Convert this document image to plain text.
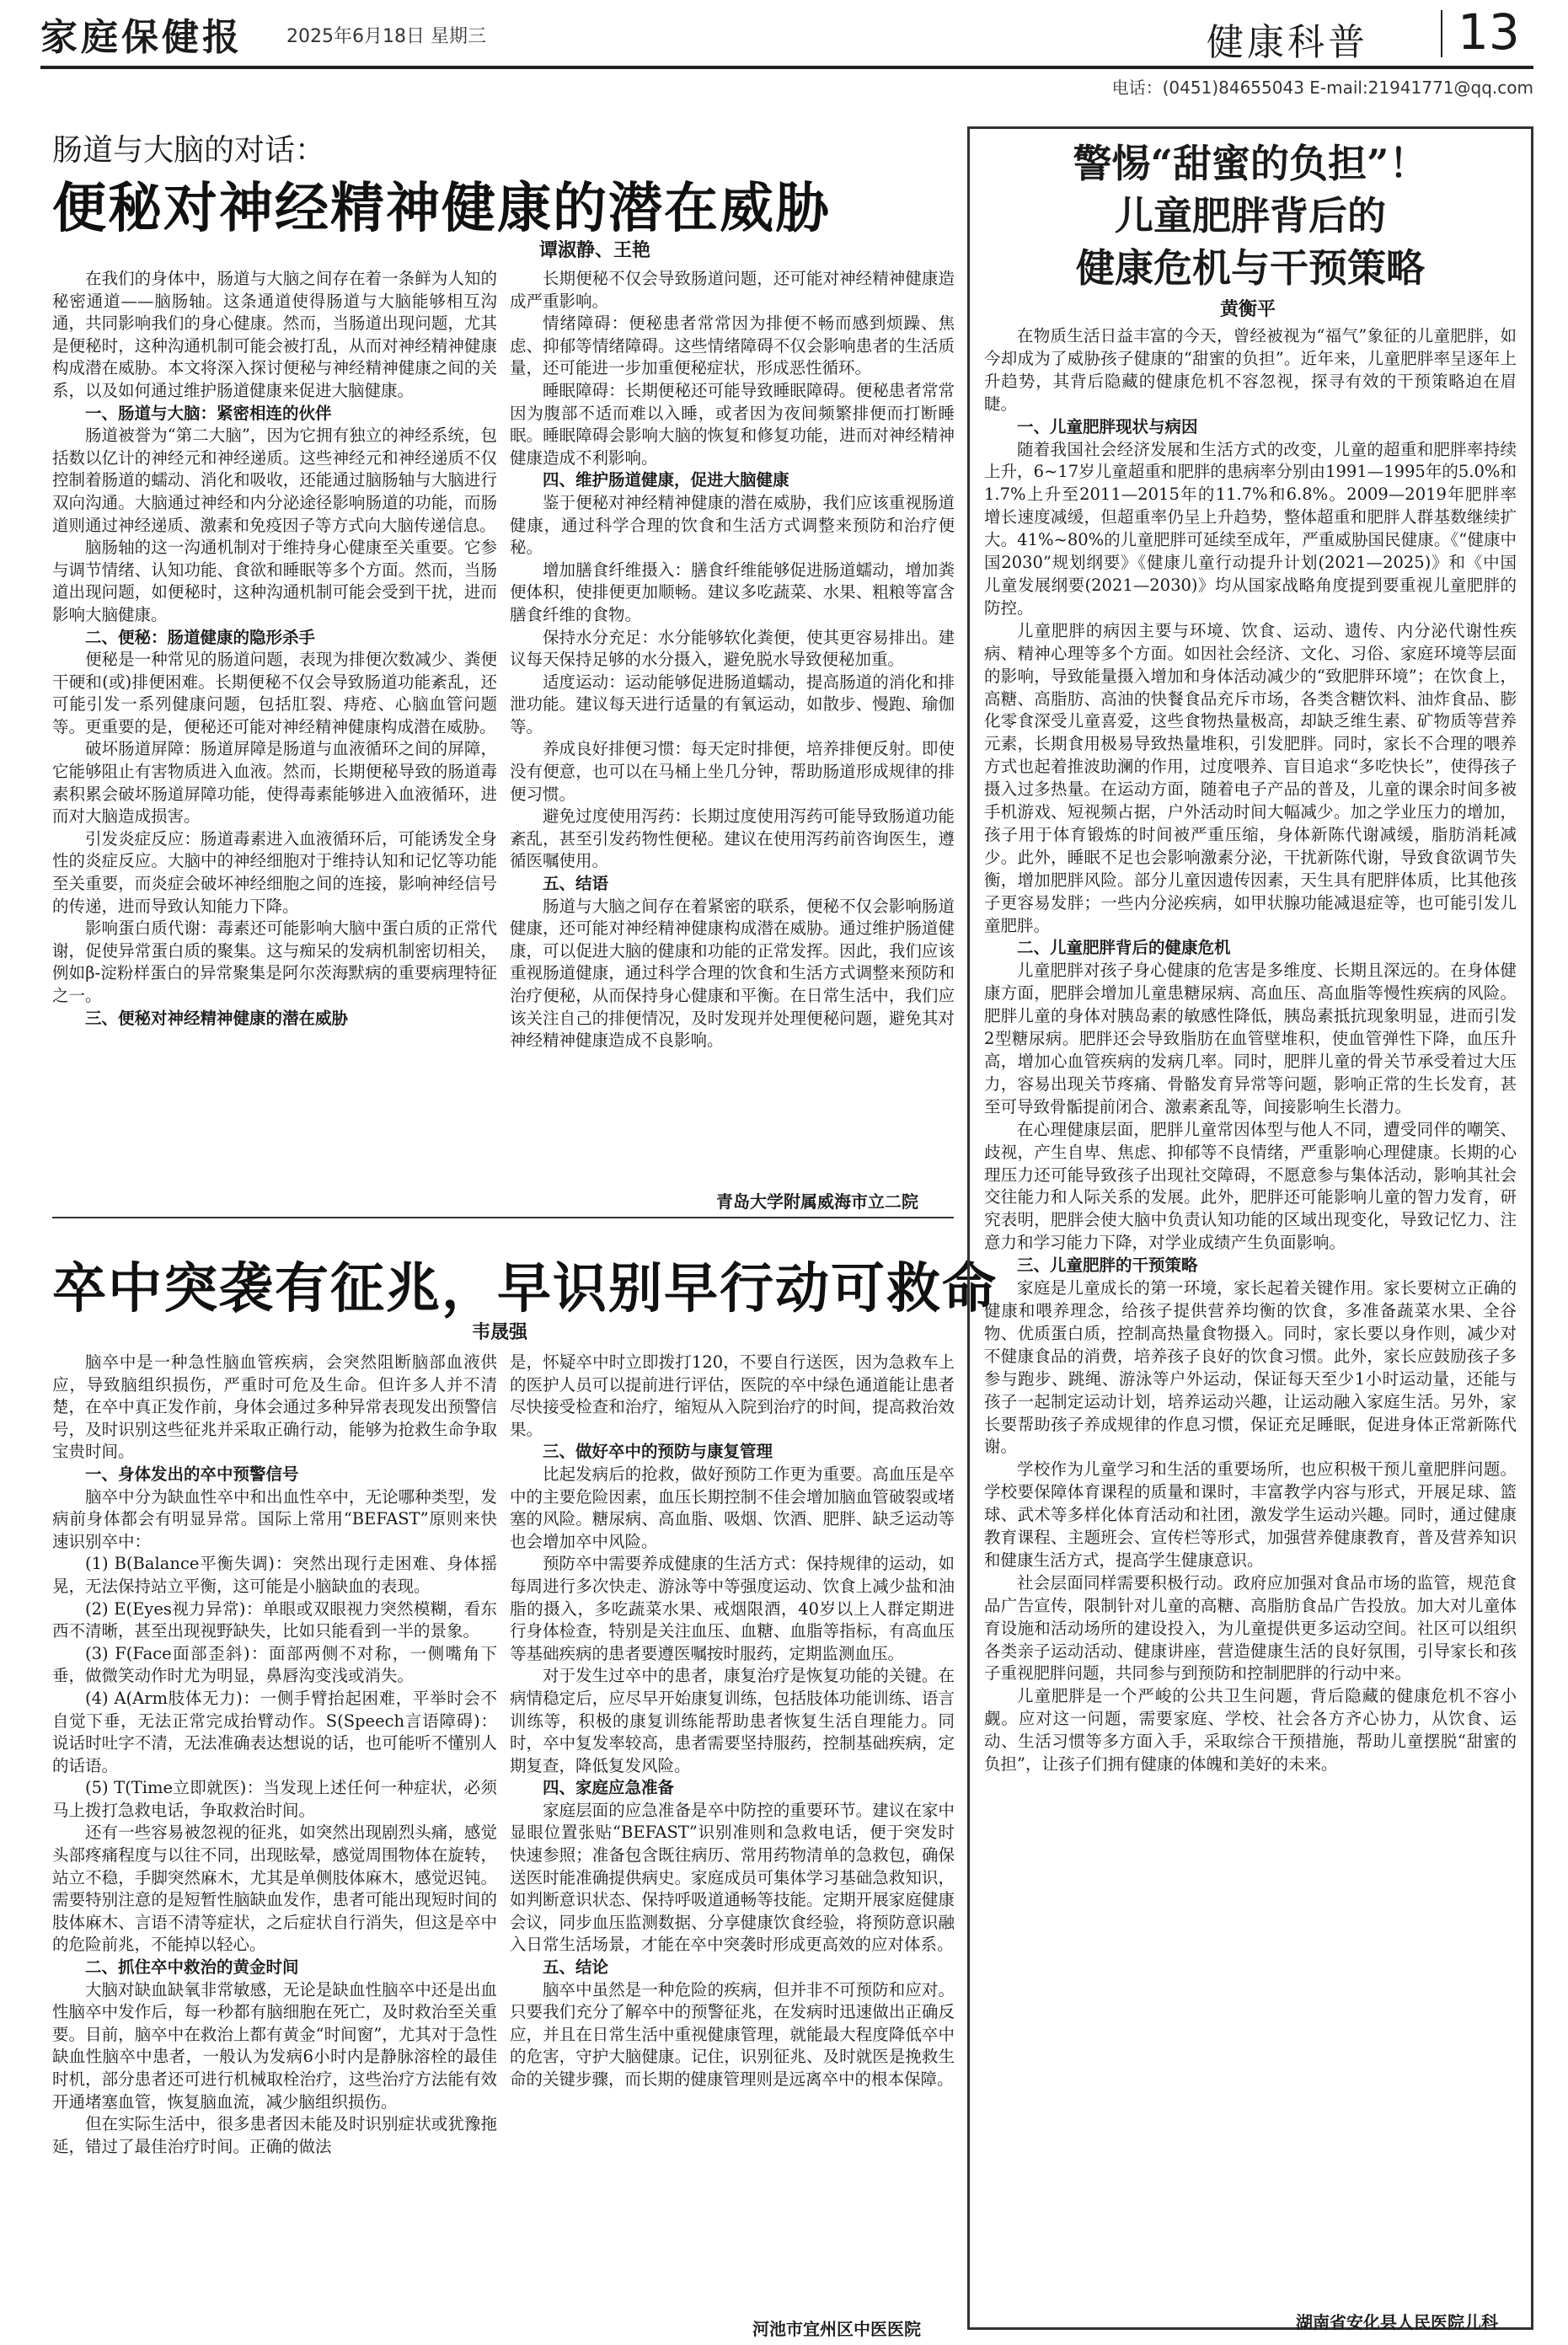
家庭保健报 2025年6月18日 星期三	健康科普 13
电话：(0451)84655043 E-mail:21941771@qq.com
肠道与大脑的对话：
便秘对神经精神健康的潜在威胁
谭淑静、王艳

在我们的身体中，肠道与大脑之间存在着一条鲜为人知的秘密通道——脑肠轴。这条通道使得肠道与大脑能够相互沟通，共同影响我们的身心健康。然而，当肠道出现问题，尤其是便秘时，这种沟通机制可能会被打乱，从而对神经精神健康构成潜在威胁。本文将深入探讨便秘与神经精神健康之间的关系，以及如何通过维护肠道健康来促进大脑健康。

一、肠道与大脑：紧密相连的伙伴

肠道被誉为“第二大脑”，因为它拥有独立的神经系统，包括数以亿计的神经元和神经递质。这些神经元和神经递质不仅控制着肠道的蠕动、消化和吸收，还能通过脑肠轴与大脑进行双向沟通。大脑通过神经和内分泌途径影响肠道的功能，而肠道则通过神经递质、激素和免疫因子等方式向大脑传递信息。

脑肠轴的这一沟通机制对于维持身心健康至关重要。它参与调节情绪、认知功能、食欲和睡眠等多个方面。然而，当肠道出现问题，如便秘时，这种沟通机制可能会受到干扰，进而影响大脑健康。

二、便秘：肠道健康的隐形杀手

便秘是一种常见的肠道问题，表现为排便次数减少、粪便干硬和(或)排便困难。长期便秘不仅会导致肠道功能紊乱，还可能引发一系列健康问题，包括肛裂、痔疮、心脑血管问题等。更重要的是，便秘还可能对神经精神健康构成潜在威胁。

破坏肠道屏障：肠道屏障是肠道与血液循环之间的屏障，它能够阻止有害物质进入血液。然而，长期便秘导致的肠道毒素积累会破坏肠道屏障功能，使得毒素能够进入血液循环，进而对大脑造成损害。

引发炎症反应：肠道毒素进入血液循环后，可能诱发全身性的炎症反应。大脑中的神经细胞对于维持认知和记忆等功能至关重要，而炎症会破坏神经细胞之间的连接，影响神经信号的传递，进而导致认知能力下降。

影响蛋白质代谢：毒素还可能影响大脑中蛋白质的正常代谢，促使异常蛋白质的聚集。这与痴呆的发病机制密切相关，例如β-淀粉样蛋白的异常聚集是阿尔茨海默病的重要病理特征之一。

三、便秘对神经精神健康的潜在威胁

长期便秘不仅会导致肠道问题，还可能对神经精神健康造成严重影响。

情绪障碍：便秘患者常常因为排便不畅而感到烦躁、焦虑、抑郁等情绪障碍。这些情绪障碍不仅会影响患者的生活质量，还可能进一步加重便秘症状，形成恶性循环。

睡眠障碍：长期便秘还可能导致睡眠障碍。便秘患者常常因为腹部不适而难以入睡，或者因为夜间频繁排便而打断睡眠。睡眠障碍会影响大脑的恢复和修复功能，进而对神经精神健康造成不利影响。

四、维护肠道健康，促进大脑健康

鉴于便秘对神经精神健康的潜在威胁，我们应该重视肠道健康，通过科学合理的饮食和生活方式调整来预防和治疗便秘。

增加膳食纤维摄入：膳食纤维能够促进肠道蠕动，增加粪便体积，使排便更加顺畅。建议多吃蔬菜、水果、粗粮等富含膳食纤维的食物。

保持水分充足：水分能够软化粪便，使其更容易排出。建议每天保持足够的水分摄入，避免脱水导致便秘加重。

适度运动：运动能够促进肠道蠕动，提高肠道的消化和排泄功能。建议每天进行适量的有氧运动，如散步、慢跑、瑜伽等。

养成良好排便习惯：每天定时排便，培养排便反射。即使没有便意，也可以在马桶上坐几分钟，帮助肠道形成规律的排便习惯。

避免过度使用泻药：长期过度使用泻药可能导致肠道功能紊乱，甚至引发药物性便秘。建议在使用泻药前咨询医生，遵循医嘱使用。

五、结语

肠道与大脑之间存在着紧密的联系，便秘不仅会影响肠道健康，还可能对神经精神健康构成潜在威胁。通过维护肠道健康，可以促进大脑的健康和功能的正常发挥。因此，我们应该重视肠道健康，通过科学合理的饮食和生活方式调整来预防和治疗便秘，从而保持身心健康和平衡。在日常生活中，我们应该关注自己的排便情况，及时发现并处理便秘问题，避免其对神经精神健康造成不良影响。

青岛大学附属威海市立二院
卒中突袭有征兆，早识别早行动可救命
韦晟强

脑卒中是一种急性脑血管疾病，会突然阻断脑部血液供应，导致脑组织损伤，严重时可危及生命。但许多人并不清楚，在卒中真正发作前，身体会通过多种异常表现发出预警信号，及时识别这些征兆并采取正确行动，能够为抢救生命争取宝贵时间。

一、身体发出的卒中预警信号

脑卒中分为缺血性卒中和出血性卒中，无论哪种类型，发病前身体都会有明显异常。国际上常用“BEFAST”原则来快速识别卒中：

(1) B(Balance平衡失调)：突然出现行走困难、身体摇晃，无法保持站立平衡，这可能是小脑缺血的表现。

(2) E(Eyes视力异常)：单眼或双眼视力突然模糊，看东西不清晰，甚至出现视野缺失，比如只能看到一半的景象。

(3) F(Face面部歪斜)：面部两侧不对称，一侧嘴角下垂，做微笑动作时尤为明显，鼻唇沟变浅或消失。

(4) A(Arm肢体无力)：一侧手臂抬起困难，平举时会不自觉下垂，无法正常完成抬臂动作。S(Speech言语障碍)：说话时吐字不清，无法准确表达想说的话，也可能听不懂别人的话语。

(5) T(Time立即就医)：当发现上述任何一种症状，必须马上拨打急救电话，争取救治时间。

还有一些容易被忽视的征兆，如突然出现剧烈头痛，感觉头部疼痛程度与以往不同，出现眩晕，感觉周围物体在旋转，站立不稳，手脚突然麻木，尤其是单侧肢体麻木，感觉迟钝。需要特别注意的是短暂性脑缺血发作，患者可能出现短时间的肢体麻木、言语不清等症状，之后症状自行消失，但这是卒中的危险前兆，不能掉以轻心。

二、抓住卒中救治的黄金时间

大脑对缺血缺氧非常敏感，无论是缺血性脑卒中还是出血性脑卒中发作后，每一秒都有脑细胞在死亡，及时救治至关重要。目前，脑卒中在救治上都有黄金“时间窗”，尤其对于急性缺血性脑卒中患者，一般认为发病6小时内是静脉溶栓的最佳时机，部分患者还可进行机械取栓治疗，这些治疗方法能有效开通堵塞血管，恢复脑血流，减少脑组织损伤。

但在实际生活中，很多患者因未能及时识别症状或犹豫拖延，错过了最佳治疗时间。正确的做法

是，怀疑卒中时立即拨打120，不要自行送医，因为急救车上的医护人员可以提前进行评估，医院的卒中绿色通道能让患者尽快接受检查和治疗，缩短从入院到治疗的时间，提高救治效果。

三、做好卒中的预防与康复管理

比起发病后的抢救，做好预防工作更为重要。高血压是卒中的主要危险因素，血压长期控制不佳会增加脑血管破裂或堵塞的风险。糖尿病、高血脂、吸烟、饮酒、肥胖、缺乏运动等也会增加卒中风险。

预防卒中需要养成健康的生活方式：保持规律的运动，如每周进行多次快走、游泳等中等强度运动、饮食上减少盐和油脂的摄入，多吃蔬菜水果、戒烟限酒，40岁以上人群定期进行身体检查，特别是关注血压、血糖、血脂等指标，有高血压等基础疾病的患者要遵医嘱按时服药，定期监测血压。

对于发生过卒中的患者，康复治疗是恢复功能的关键。在病情稳定后，应尽早开始康复训练，包括肢体功能训练、语言训练等，积极的康复训练能帮助患者恢复生活自理能力。同时，卒中复发率较高，患者需要坚持服药，控制基础疾病，定期复查，降低复发风险。

四、家庭应急准备

家庭层面的应急准备是卒中防控的重要环节。建议在家中显眼位置张贴“BEFAST”识别准则和急救电话，便于突发时快速参照；准备包含既往病历、常用药物清单的急救包，确保送医时能准确提供病史。家庭成员可集体学习基础急救知识，如判断意识状态、保持呼吸道通畅等技能。定期开展家庭健康会议，同步血压监测数据、分享健康饮食经验，将预防意识融入日常生活场景，才能在卒中突袭时形成更高效的应对体系。

五、结论

脑卒中虽然是一种危险的疾病，但并非不可预防和应对。只要我们充分了解卒中的预警征兆，在发病时迅速做出正确反应，并且在日常生活中重视健康管理，就能最大程度降低卒中的危害，守护大脑健康。记住，识别征兆、及时就医是挽救生命的关键步骤，而长期的健康管理则是远离卒中的根本保障。

河池市宜州区中医医院
警惕“甜蜜的负担”！
儿童肥胖背后的
健康危机与干预策略
黄衡平

在物质生活日益丰富的今天，曾经被视为“福气”象征的儿童肥胖，如今却成为了威胁孩子健康的“甜蜜的负担”。近年来，儿童肥胖率呈逐年上升趋势，其背后隐藏的健康危机不容忽视，探寻有效的干预策略迫在眉睫。

一、儿童肥胖现状与病因

随着我国社会经济发展和生活方式的改变，儿童的超重和肥胖率持续上升，6~17岁儿童超重和肥胖的患病率分别由1991—1995年的5.0%和1.7%上升至2011—2015年的11.7%和6.8%。2009—2019年肥胖率增长速度减缓，但超重率仍呈上升趋势，整体超重和肥胖人群基数继续扩大。41%~80%的儿童肥胖可延续至成年，严重威胁国民健康。《“健康中国2030”规划纲要》《健康儿童行动提升计划(2021—2025)》和《中国儿童发展纲要(2021—2030)》均从国家战略角度提到要重视儿童肥胖的防控。

儿童肥胖的病因主要与环境、饮食、运动、遗传、内分泌代谢性疾病、精神心理等多个方面。如因社会经济、文化、习俗、家庭环境等层面的影响，导致能量摄入增加和身体活动减少的“致肥胖环境”；在饮食上，高糖、高脂肪、高油的快餐食品充斥市场，各类含糖饮料、油炸食品、膨化零食深受儿童喜爱，这些食物热量极高，却缺乏维生素、矿物质等营养元素，长期食用极易导致热量堆积，引发肥胖。同时，家长不合理的喂养方式也起着推波助澜的作用，过度喂养、盲目追求“多吃快长”，使得孩子摄入过多热量。在运动方面，随着电子产品的普及，儿童的课余时间多被手机游戏、短视频占据，户外活动时间大幅减少。加之学业压力的增加，孩子用于体育锻炼的时间被严重压缩，身体新陈代谢减缓，脂肪消耗减少。此外，睡眠不足也会影响激素分泌，干扰新陈代谢，导致食欲调节失衡，增加肥胖风险。部分儿童因遗传因素，天生具有肥胖体质，比其他孩子更容易发胖；一些内分泌疾病，如甲状腺功能减退症等，也可能引发儿童肥胖。

二、儿童肥胖背后的健康危机

儿童肥胖对孩子身心健康的危害是多维度、长期且深远的。在身体健康方面，肥胖会增加儿童患糖尿病、高血压、高血脂等慢性疾病的风险。肥胖儿童的身体对胰岛素的敏感性降低，胰岛素抵抗现象明显，进而引发2型糖尿病。肥胖还会导致脂肪在血管壁堆积，使血管弹性下降，血压升高，增加心血管疾病的发病几率。同时，肥胖儿童的骨关节承受着过大压力，容易出现关节疼痛、骨骼发育异常等问题，影响正常的生长发育，甚至可导致骨骺提前闭合、激素紊乱等，间接影响生长潜力。

在心理健康层面，肥胖儿童常因体型与他人不同，遭受同伴的嘲笑、歧视，产生自卑、焦虑、抑郁等不良情绪，严重影响心理健康。长期的心理压力还可能导致孩子出现社交障碍，不愿意参与集体活动，影响其社会交往能力和人际关系的发展。此外，肥胖还可能影响儿童的智力发育，研究表明，肥胖会使大脑中负责认知功能的区域出现变化，导致记忆力、注意力和学习能力下降，对学业成绩产生负面影响。

三、儿童肥胖的干预策略

家庭是儿童成长的第一环境，家长起着关键作用。家长要树立正确的健康和喂养理念，给孩子提供营养均衡的饮食，多准备蔬菜水果、全谷物、优质蛋白质，控制高热量食物摄入。同时，家长要以身作则，减少对不健康食品的消费，培养孩子良好的饮食习惯。此外，家长应鼓励孩子多参与跑步、跳绳、游泳等户外运动，保证每天至少1小时运动量，还能与孩子一起制定运动计划，培养运动兴趣，让运动融入家庭生活。另外，家长要帮助孩子养成规律的作息习惯，保证充足睡眠，促进身体正常新陈代谢。

学校作为儿童学习和生活的重要场所，也应积极干预儿童肥胖问题。学校要保障体育课程的质量和课时，丰富教学内容与形式，开展足球、篮球、武术等多样化体育活动和社团，激发学生运动兴趣。同时，通过健康教育课程、主题班会、宣传栏等形式，加强营养健康教育，普及营养知识和健康生活方式，提高学生健康意识。

社会层面同样需要积极行动。政府应加强对食品市场的监管，规范食品广告宣传，限制针对儿童的高糖、高脂肪食品广告投放。加大对儿童体育设施和活动场所的建设投入，为儿童提供更多运动空间。社区可以组织各类亲子运动活动、健康讲座，营造健康生活的良好氛围，引导家长和孩子重视肥胖问题，共同参与到预防和控制肥胖的行动中来。

儿童肥胖是一个严峻的公共卫生问题，背后隐藏的健康危机不容小觑。应对这一问题，需要家庭、学校、社会各方齐心协力，从饮食、运动、生活习惯等多方面入手，采取综合干预措施，帮助儿童摆脱“甜蜜的负担”，让孩子们拥有健康的体魄和美好的未来。

湖南省安化县人民医院儿科
